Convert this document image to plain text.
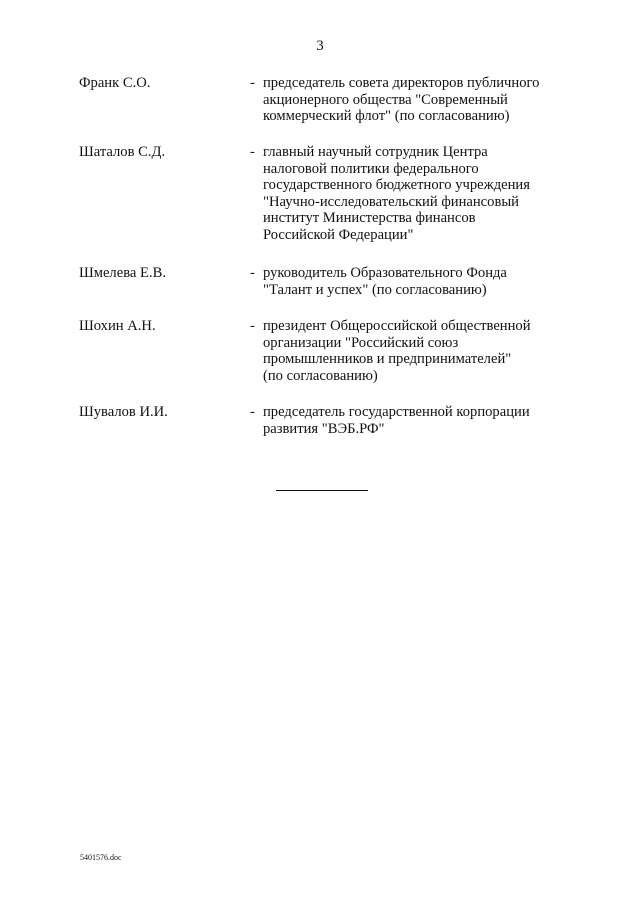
3
Франк С.О.	- председатель совета директоров публичного
акционерного общества "Современный
коммерческий флот" (по согласованию)
Шаталов С.Д.	- главный научный сотрудник Центра
налоговой политики федерального
государственного бюджетного учреждения
"Научно-исследовательский финансовый
институт Министерства финансов
Российской Федерации"
Шмелева Е.В.	- руководитель Образовательного Фонда
"Талант и успех" (по согласованию)
Шохин А.Н.	- президент Общероссийской общественной
организации "Российский союз
промышленников и предпринимателей"
(по согласованию)
Шувалов И.И.	- председатель государственной корпорации
развития "ВЭБ.РФ"
5401576.doc
